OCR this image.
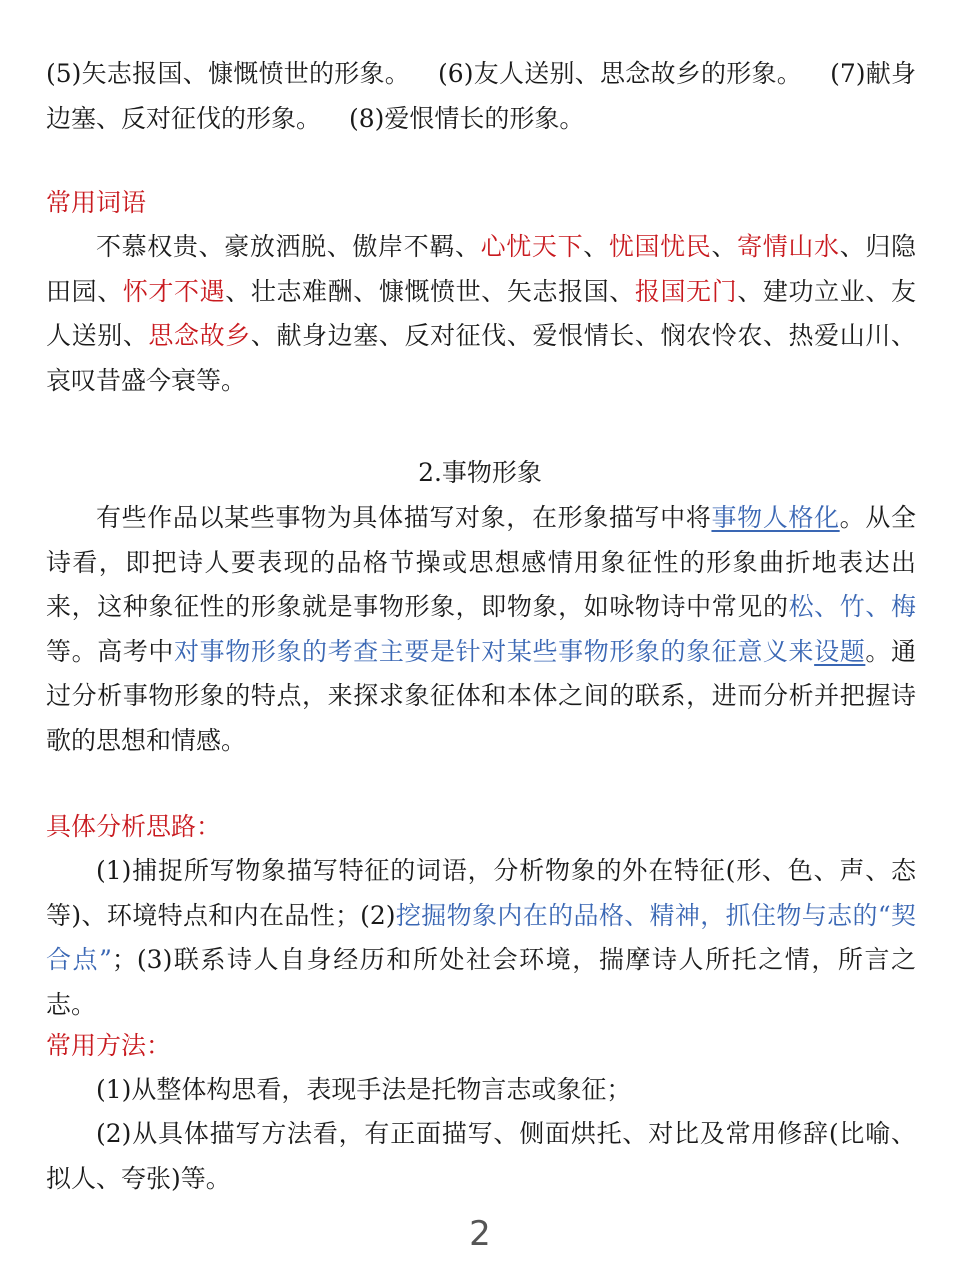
(5)矢志报国、慷慨愤世的形象。 (6)友人送别、思念故乡的形象。 (7)献身边塞、反对征伐的形象。 (8)爱恨情长的形象。

常用词语

不慕权贵、豪放洒脱、傲岸不羁、心忧天下、忧国忧民、寄情山水、归隐田园、怀才不遇、壮志难酬、慷慨愤世、矢志报国、报国无门、建功立业、友人送别、思念故乡、献身边塞、反对征伐、爱恨情长、悯农怜农、热爱山川、哀叹昔盛今衰等。

2.事物形象

有些作品以某些事物为具体描写对象，在形象描写中将事物人格化。从全诗看，即把诗人要表现的品格节操或思想感情用象征性的形象曲折地表达出来，这种象征性的形象就是事物形象，即物象，如咏物诗中常见的松、竹、梅等。高考中对事物形象的考查主要是针对某些事物形象的象征意义来设题。通过分析事物形象的特点，来探求象征体和本体之间的联系，进而分析并把握诗歌的思想和情感。

具体分析思路：

(1)捕捉所写物象描写特征的词语，分析物象的外在特征(形、色、声、态等)、环境特点和内在品性；(2)挖掘物象内在的品格、精神，抓住物与志的“契合点”；(3)联系诗人自身经历和所处社会环境，揣摩诗人所托之情，所言之志。

常用方法：

(1)从整体构思看，表现手法是托物言志或象征；

(2)从具体描写方法看，有正面描写、侧面烘托、对比及常用修辞(比喻、拟人、夸张)等。

2
